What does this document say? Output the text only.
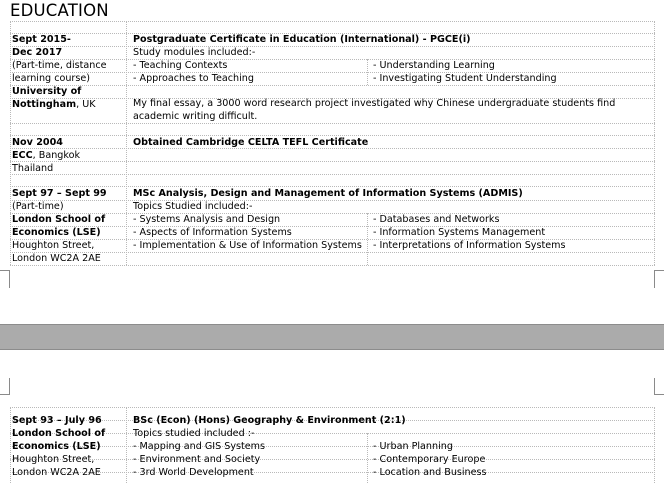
EDUCATION
Sept 2015-
Dec 2017
(Part-time, distance
learning course)
University of
Nottingham, UK
Postgraduate Certificate in Education (International) - PGCE(i)
Study modules included:-
- Teaching Contexts
- Approaches to Teaching
- Understanding Learning
- Investigating Student Understanding
My final essay, a 3000 word research project investigated why Chinese undergraduate students find academic writing difficult.
Nov 2004
ECC, Bangkok
Thailand
Obtained Cambridge CELTA TEFL Certificate
Sept 97 – Sept 99
(Part-time)
London School of
Economics (LSE)
Houghton Street,
London WC2A 2AE
MSc Analysis, Design and Management of Information Systems (ADMIS)
Topics Studied included:-
- Systems Analysis and Design
- Aspects of Information Systems
- Implementation & Use of Information Systems
- Databases and Networks
- Information Systems Management
- Interpretations of Information Systems
Sept 93 – July 96
London School of
Economics (LSE)
Houghton Street,
London WC2A 2AE
BSc (Econ) (Hons) Geography & Environment (2:1)
Topics studied included :-
- Mapping and GIS Systems
- Environment and Society
- 3rd World Development
- Urban Planning
- Contemporary Europe
- Location and Business
